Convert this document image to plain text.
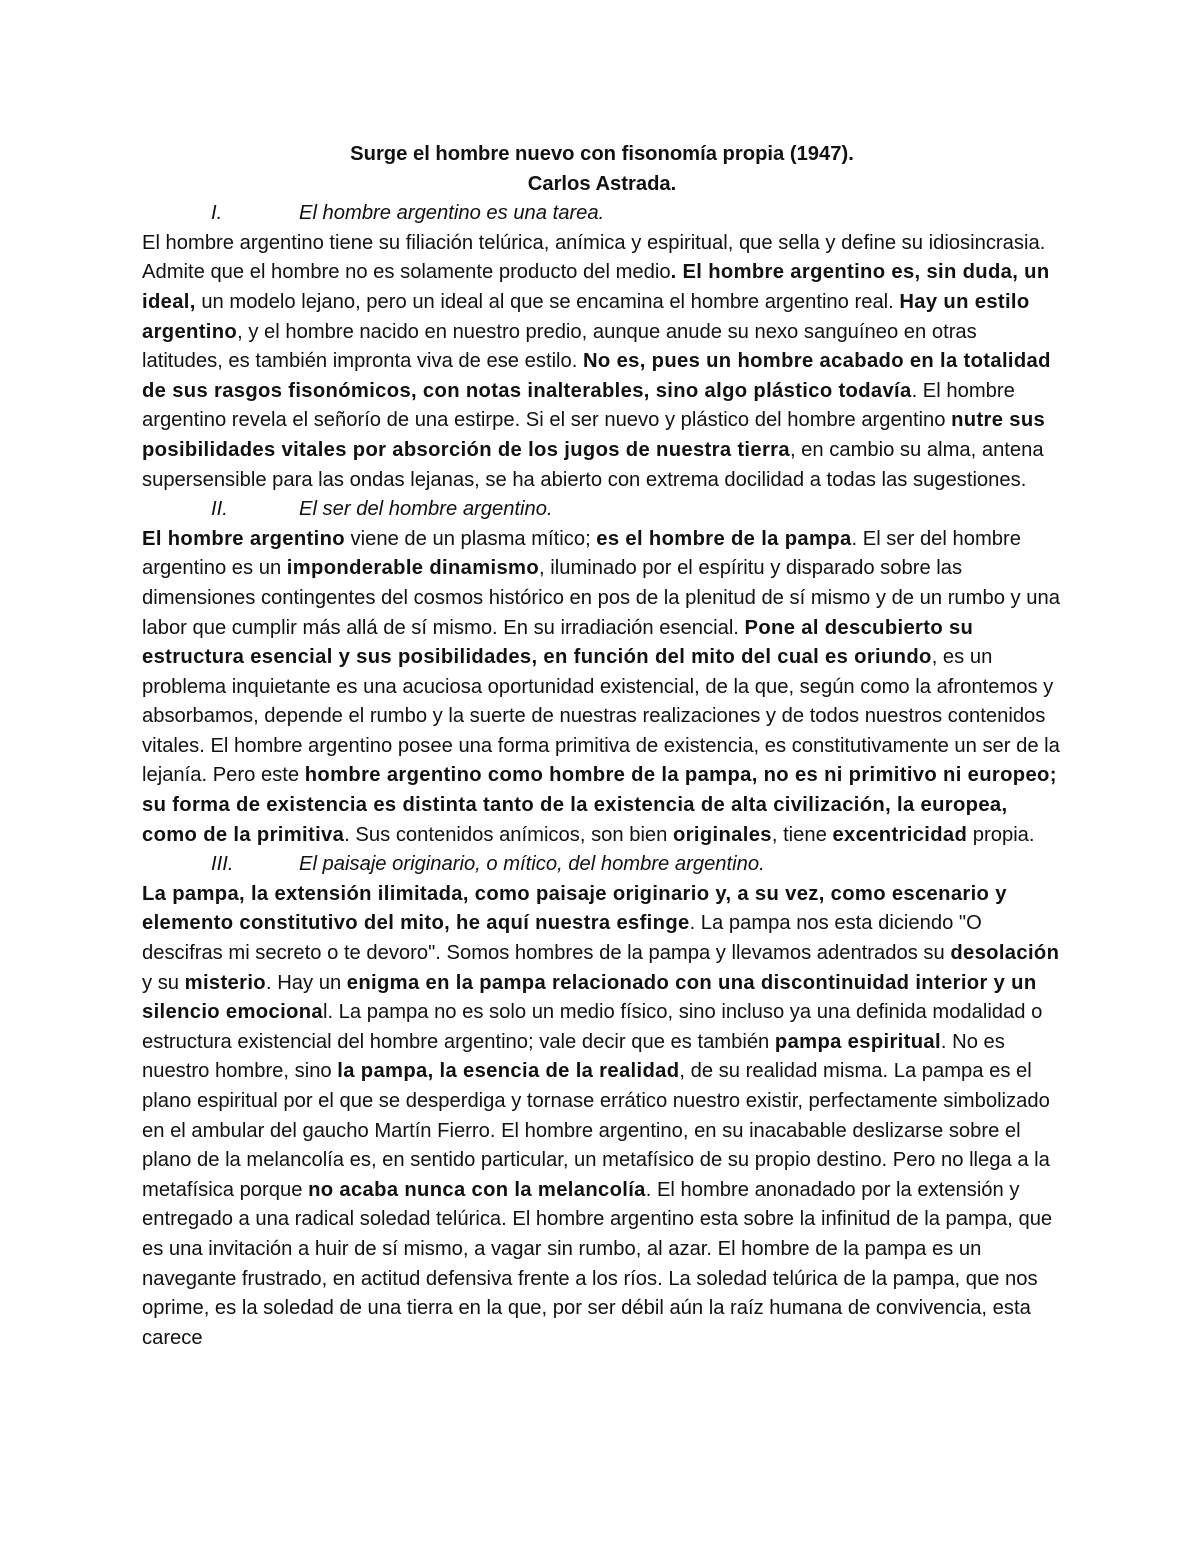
Surge el hombre nuevo con fisonomía propia (1947).
Carlos Astrada.
I.	El hombre argentino es una tarea.

El hombre argentino tiene su filiación telúrica, anímica y espiritual, que sella y define su idiosincrasia. Admite que el hombre no es solamente producto del medio. El hombre argentino es, sin duda, un ideal, un modelo lejano, pero un ideal al que se encamina el hombre argentino real. Hay un estilo argentino, y el hombre nacido en nuestro predio, aunque anude su nexo sanguíneo en otras latitudes, es también impronta viva de ese estilo. No es, pues un hombre acabado en la totalidad de sus rasgos fisonómicos, con notas inalterables, sino algo plástico todavía. El hombre argentino revela el señorío de una estirpe. Si el ser nuevo y plástico del hombre argentino nutre sus posibilidades vitales por absorción de los jugos de nuestra tierra, en cambio su alma, antena supersensible para las ondas lejanas, se ha abierto con extrema docilidad a todas las sugestiones.

II.	El ser del hombre argentino.

El hombre argentino viene de un plasma mítico; es el hombre de la pampa. El ser del hombre argentino es un imponderable dinamismo, iluminado por el espíritu y disparado sobre las dimensiones contingentes del cosmos histórico en pos de la plenitud de sí mismo y de un rumbo y una labor que cumplir más allá de sí mismo. En su irradiación esencial. Pone al descubierto su estructura esencial y sus posibilidades, en función del mito del cual es oriundo, es un problema inquietante es una acuciosa oportunidad existencial, de la que, según como la afrontemos y absorbamos, depende el rumbo y la suerte de nuestras realizaciones y de todos nuestros contenidos vitales. El hombre argentino posee una forma primitiva de existencia, es constitutivamente un ser de la lejanía. Pero este hombre argentino como hombre de la pampa, no es ni primitivo ni europeo; su forma de existencia es distinta tanto de la existencia de alta civilización, la europea, como de la primitiva. Sus contenidos anímicos, son bien originales, tiene excentricidad propia.

III.	El paisaje originario, o mítico, del hombre argentino.

La pampa, la extensión ilimitada, como paisaje originario y, a su vez, como escenario y elemento constitutivo del mito, he aquí nuestra esfinge. La pampa nos esta diciendo "O descifras mi secreto o te devoro". Somos hombres de la pampa y llevamos adentrados su desolación y su misterio. Hay un enigma en la pampa relacionado con una discontinuidad interior y un silencio emocional. La pampa no es solo un medio físico, sino incluso ya una definida modalidad o estructura existencial del hombre argentino; vale decir que es también pampa espiritual. No es nuestro hombre, sino la pampa, la esencia de la realidad, de su realidad misma. La pampa es el plano espiritual por el que se desperdiga y tornase errático nuestro existir, perfectamente simbolizado en el ambular del gaucho Martín Fierro. El hombre argentino, en su inacabable deslizarse sobre el plano de la melancolía es, en sentido particular, un metafísico de su propio destino. Pero no llega a la metafísica porque no acaba nunca con la melancolía. El hombre anonadado por la extensión y entregado a una radical soledad telúrica. El hombre argentino esta sobre la infinitud de la pampa, que es una invitación a huir de sí mismo, a vagar sin rumbo, al azar. El hombre de la pampa es un navegante frustrado, en actitud defensiva frente a los ríos. La soledad telúrica de la pampa, que nos oprime, es la soledad de una tierra en la que, por ser débil aún la raíz humana de convivencia, esta carece
